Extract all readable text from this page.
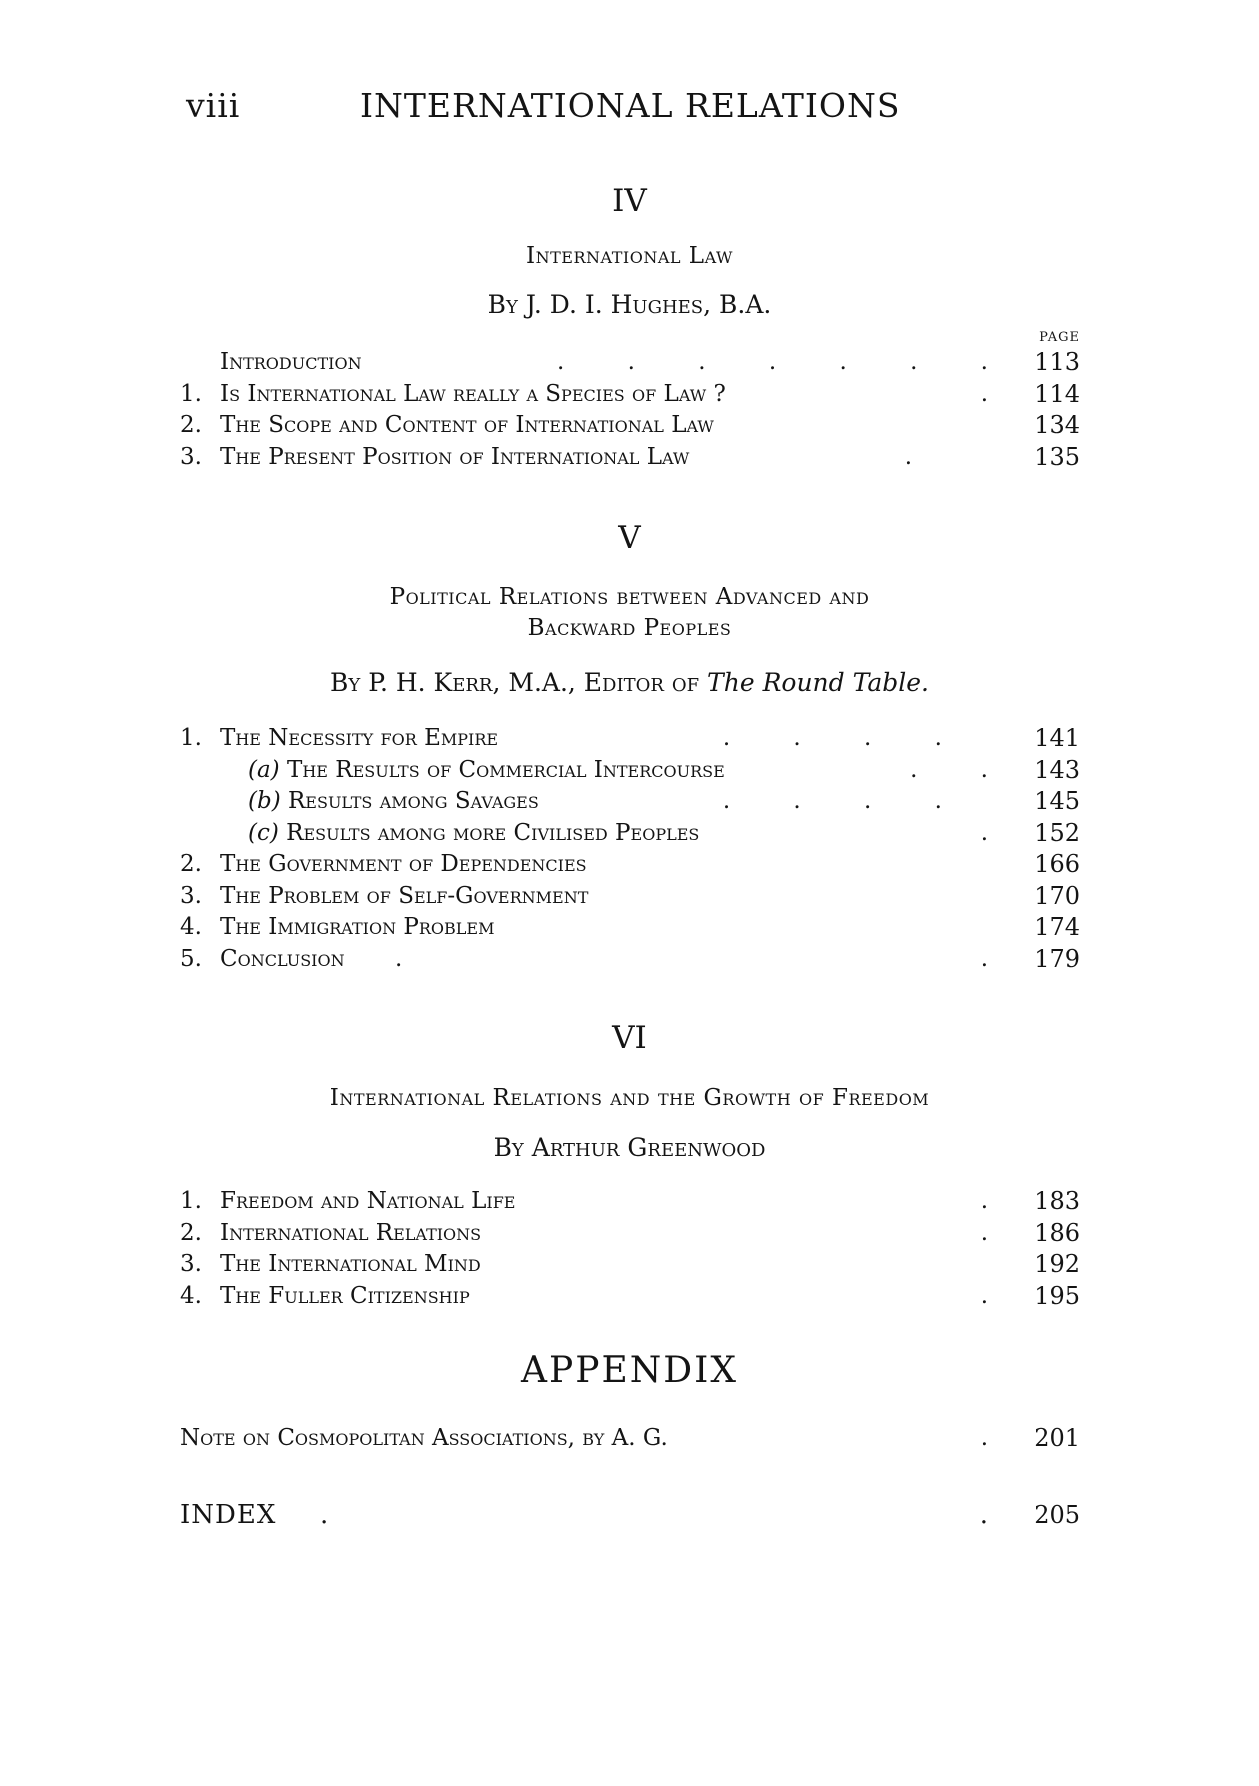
viii	INTERNATIONAL RELATIONS
IV
International Law
By J. D. I. Hughes, B.A.
PAGE
Introduction	. . . . . . . 113
1. Is International Law really a Species of Law ?	. 114
2. The Scope and Content of International Law	134
3. The Present Position of International Law	.	135
V
Political Relations between Advanced and
Backward Peoples
By P. H. Kerr, M.A., Editor of The Round Table.
1. The Necessity for Empire	. . . .	141
(a) The Results of Commercial Intercourse	. . 143
(b) Results among Savages	. . . .	145
(c) Results among more Civilised Peoples	. 152
2. The Government of Dependencies	166
3. The Problem of Self-Government	170
4. The Immigration Problem	174
5. Conclusion .	. 179
VI
International Relations and the Growth of Freedom
By Arthur Greenwood
1. Freedom and National Life	. 183
2. International Relations	. 186
3. The International Mind	192
4. The Fuller Citizenship	. 195
APPENDIX
Note on Cosmopolitan Associations, by A. G.	. 201
INDEX .	. 205
